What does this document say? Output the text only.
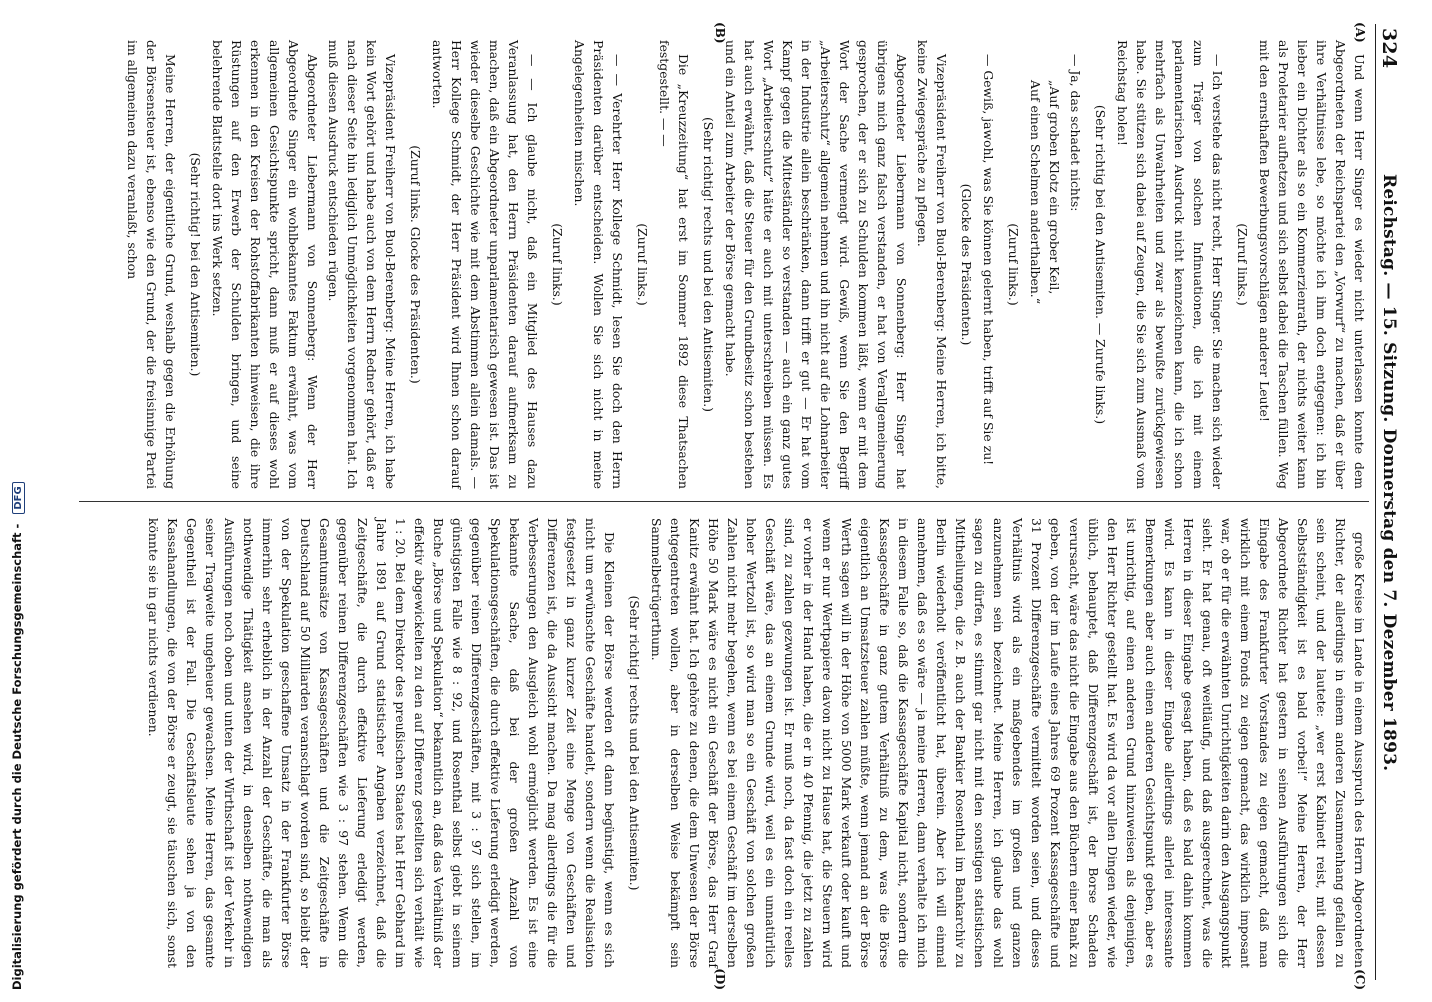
324
Reichstag. — 15. Sitzung. Donnerstag den 7. Dezember 1893.
(A)
(B)

Und wenn Herr Singer es wieder nicht unterlassen konnte dem Abgeordneten der Reichspartei den „Vorwurf“ zu machen, daß er über ihre Verhältnisse lebe, so möchte ich ihm doch entgegnen: ich bin lieber ein Dichter als so ein Kommerzienrath, der nichts weiter kann als Proletarier aufhetzen und sich selbst dabei die Taschen füllen. Weg mit den ernsthaften Bewerbungsvorschlägen anderer Leute!

(Zuruf links.)

— Ich verstehe das nicht recht, Herr Singer. Sie machen sich wieder zum Träger von solchen Infinuationen, die ich mit einem parlamentarischen Ausdruck nicht kennzeichnen kann, die ich schon mehrfach als Unwahrheiten und zwar als bewußte zurückgewiesen habe. Sie stützen sich dabei auf Zeugen, die Sie sich zum Ausmaß vom Reichstag holen!

(Sehr richtig bei den Antisemiten. — Zurufe links.)

— Ja, das schadet nichts:

„Auf groben Klotz ein grober Keil,
Auf einen Schelmen anderthalben.“

(Zuruf links.)

— Gewiß, jawohl, was Sie können gelernt haben, trifft auf Sie zu!

(Glocke des Präsidenten.)

Vizepräsident Freiherr von Buol-Berenberg: Meine Herren, ich bitte, keine Zwiegespräche zu pflegen.

Abgeordneter Liebermann von Sonnenberg: Herr Singer hat übrigens mich ganz falsch verstanden, er hat von Verallgemeinerung gesprochen, der er sich zu Schulden kommen läßt, wenn er mit dem Wort der Sache vermengt wird. Gewiß, wenn Sie den Begriff „Arbeiterschutz“ allgemein nehmen und ihn nicht auf die Lohnarbeiter in der Industrie allein beschränken, dann trifft er gut — Er hat vom Kampf gegen die Mitteständler so verstanden — auch ein ganz gutes Wort „Arbeiterschutz“ hätte er auch mit unterschreiben müssen. Es hat auch erwähnt, daß die Steuer für den Grundbesitz schon bestehen und ein Anteil zum Arbeiter der Börse gemacht habe.

(Sehr richtig! rechts und bei den Antisemiten.)

Die „Kreuzzeitung“ hat erst im Sommer 1892 diese Thatsachen festgestellt. — —

(Zuruf links.)

— — Verehrter Herr Kollege Schmidt, lesen Sie doch den Herrn Präsidenten darüber entscheiden. Wollen Sie sich nicht in meine Angelegenheiten mischen.

(Zuruf links.)

— — Ich glaube nicht, daß ein Mitglied des Hauses dazu Veranlassung hat, den Herrn Präsidenten darauf aufmerksam zu machen, daß ein Abgeordneter unparlamentarisch gewesen ist. Das ist wieder dieselbe Geschichte wie mit dem Abstimmen allein damals. — Herr Kollege Schmidt, der Herr Präsident wird Ihnen schon darauf antworten.

(Zuruf links. Glocke des Präsidenten.)

Vizepräsident Freiherr von Buol-Berenberg: Meine Herren, ich habe kein Wort gehört und habe auch von dem Herrn Redner gehört, daß er nach dieser Seite hin lediglich Unmöglichkeiten vorgenommen hat. Ich muß diesen Ausdruck entschieden rügen.

Abgeordneter Liebermann von Sonnenberg: Wenn der Herr Abgeordnete Singer ein wohlbekanntes Faktum erwähnt, was vom allgemeinen Gesichtspunkte spricht, dann muß er auf dieses wohl erkennen in den Kreisen der Rohstoffabrikanten hinweisen, die ihre Rüstungen auf den Erwerb der Schulden bringen, und seine belehrende Blattstelle dort ins Werk setzen.

(Sehr richtig! bei den Antisemiten.)

Meine Herren, der eigentliche Grund, weshalb gegen die Erhöhung der Börsensteuer ist, ebenso wie den Grund, der die freisinnige Partei im allgemeinen dazu veranlaßt, schon

(C)
(D)

große Kreise im Lande in einem Ausspruch des Herrn Abgeordneten Richter, der allerdings in einem anderen Zusammenhang gefallen zu sein scheint, und der lautete: „wer erst Kabinett reist, mit dessen Selbstständigkeit ist es bald vorbei!“ Meine Herren, der Herr Abgeordnete Richter hat gestern in seinen Ausführungen sich die Eingabe des Frankfurter Vorstandes zu eigen gemacht, daß man wirklich mit einem Fonds zu eigen gemacht, das wirklich imposant war, ob er für die erwähnten Unrichtigkeiten darin den Ausgangspunkt sieht. Er hat genau, oft weitläufig, und daß ausgerechnet, was die Herren in dieser Eingabe gesagt haben, daß es bald dahin kommen wird. Es kann in dieser Eingabe allerdings allerlei interessante Bemerkungen aber auch einen anderen Gesichtspunkt geben, aber es ist unrichtig, auf einen anderen Grund hinzuweisen als denjenigen, den Herr Richter gestellt hat. Es wird da vor allen Dingen wieder, wie üblich, behauptet, daß Differenzgeschäft ist, der Borse Schaden verursacht, wäre das nicht die Eingabe aus den Büchern einer Bank zu geben, von der im Laufe eines Jahres 69 Prozent Kassageschäfte und 31 Prozent Differenzgeschäfte vermittelt worden seien, und dieses Verhältnis wird als ein maßgebendes im großen und ganzen anzunehmen sein bezeichnet. Meine Herren, ich glaube das wohl sagen zu dürfen, es stimmt gar nicht mit den sonstigen statistischen Mittheilungen, die z. B. auch der Bankier Rosenthal im Bankarchiv zu Berlin wiederholt veröffentlicht hat, überein. Aber ich will einmal annehmen, daß es so wäre — ja meine Herren, dann verhalte ich mich in diesem Falle so, daß die Kassageschäfte Kapital nicht, sondern die Kassageschäfte in ganz gutem Verhältniß zu dem, was die Börse eigentlich an Umsatzsteuer zahlen müßte, wenn jemand an der Börse Werth sagen will in der Höhe von 5000 Mark verkauft oder kauft und wenn er nur Wertpapiere davon nicht zu Hause hat, die Steuern wird er vorher in der Hand haben, die er in 40 Pfennig, die jetzt zu zahlen sind, zu zahlen gezwungen ist. Er muß noch, da fast doch ein reelles Geschäft wäre, das an einem Grunde wird, weil es ein unnatürlich hoher Wertzoll ist, so wird man so ein Geschäft von solchen großen Zahlen nicht mehr begehen, wenn es bei einem Geschäft im derselben Höhe 50 Mark wäre es nicht ein Geschäft der Börse, das Herr Graf Kanitz erwähnt hat. Ich gehöre zu denen, die dem Unwesen der Börse entgegentreten wollen, aber in derselben Weise bekämpft sein Sammelbetrügerthum.

(Sehr richtig! rechts und bei den Antisemiten.)

Die Kleinen der Börse werden oft dann begünstigt, wenn es sich nicht um erwünschte Geschäfte handelt, sondern wenn die Realisation festgesetzt in ganz kurzer Zeit eine Menge von Geschäften und Differenzen ist, die da Aussicht machen. Da mag allerdings die für die Verbesserungen den Ausgleich wohl ermöglicht werden. Es ist eine bekannte Sache, daß bei der großen Anzahl von Spekulationsgeschäften, die durch effektive Lieferung erledigt werden, gegenüber reinen Differenzgeschäften, mit 3 : 97 sich stellen, im günstigsten Falle wie 8 : 92, und Rosenthal selbst giebt in seinem Buche „Börse und Spekulation“ bekanntlich an, daß das Verhältniß der effektiv abgewickelten zu den auf Differenz gestellten sich verhält wie 1 : 20. Bei dem Direktor des preußischen Staates hat Herr Gebhard im Jahre 1891 auf Grund statistischer Angaben verzeichnet, daß die Zeitgeschäfte, die durch effektive Lieferung erledigt werden, gegenüber reinen Differenzgeschäften wie 3 : 97 stehen. Wenn die Gesamtumsätze von Kassageschäften und die Zeitgeschäfte in Deutschland auf 50 Milliarden veranschlagt worden sind, so bleibt der von der Spekulation geschaffene Umsatz in der Frankfurter Börse immerhin sehr erheblich in der Anzahl der Geschäfte, die man als nothwendige Thätigkeit ansehen wird, in denselben nothwendigen Ausführungen noch oben und unten der Wirthschaft ist der Verkehr in seiner Tragweite ungeheuer gewachsen. Meine Herren, das gesamte Gegentheil ist der Fall. Die Geschäftsleute sehen ja von den Kassahandlungen, die von der Börse er zeugt, sie täuschen sich, sonst könnte sie in gar nichts verdienen.

Digitalisierung gefördert durch die Deutsche Forschungsgemeinschaft - DFG
